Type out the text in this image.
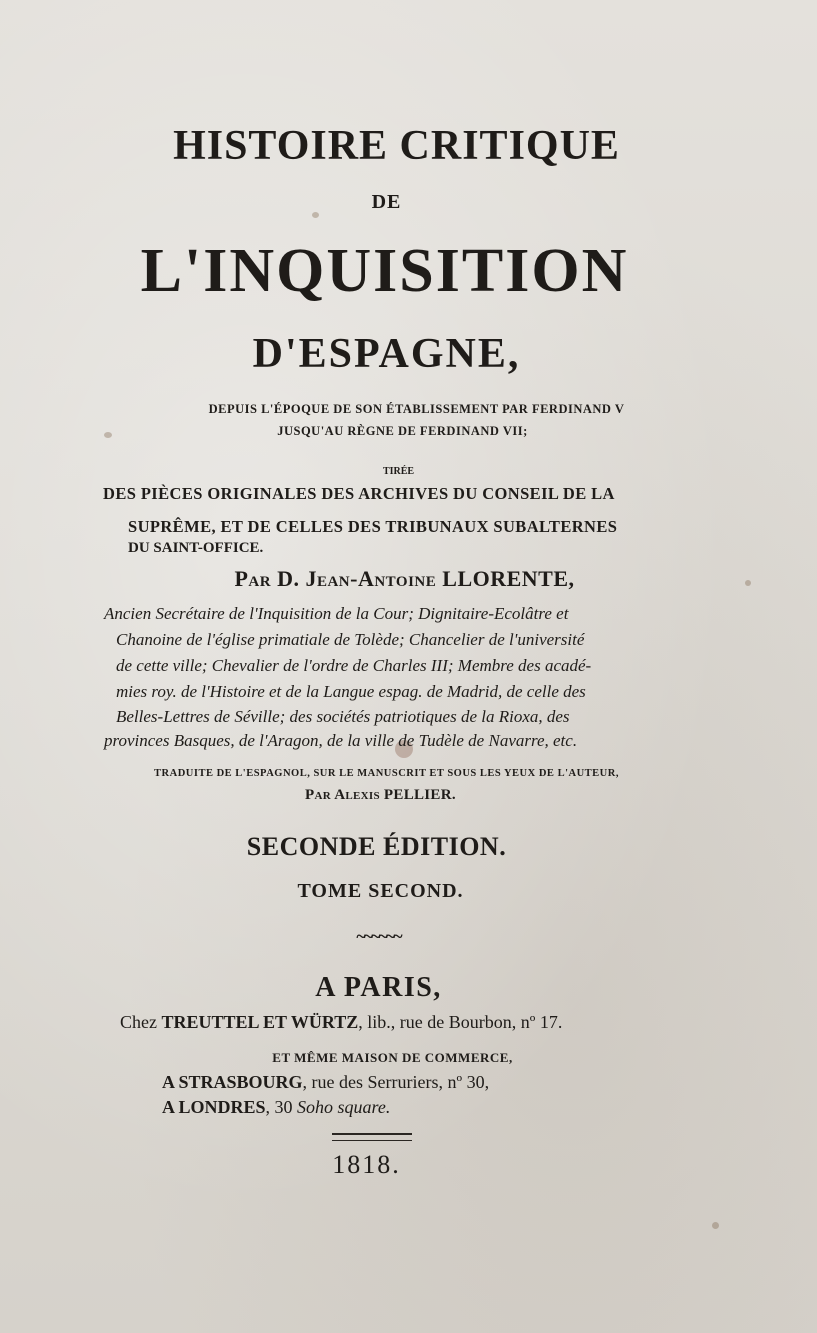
HISTOIRE CRITIQUE

DE

L'INQUISITION

D'ESPAGNE,

DEPUIS L'ÉPOQUE DE SON ÉTABLISSEMENT PAR FERDINAND V

JUSQU'AU RÈGNE DE FERDINAND VII;

TIRÉE

DES PIÈCES ORIGINALES DES ARCHIVES DU CONSEIL DE LA

SUPRÊME, ET DE CELLES DES TRIBUNAUX SUBALTERNES

DU SAINT-OFFICE.

Par D. Jean-Antoine LLORENTE,

Ancien Secrétaire de l'Inquisition de la Cour; Dignitaire-Ecolâtre et

Chanoine de l'église primatiale de Tolède; Chancelier de l'université

de cette ville; Chevalier de l'ordre de Charles III; Membre des acadé-

mies roy. de l'Histoire et de la Langue espag. de Madrid, de celle des

Belles-Lettres de Séville; des sociétés patriotiques de la Rioxa, des

provinces Basques, de l'Aragon, de la ville de Tudèle de Navarre, etc.

TRADUITE DE L'ESPAGNOL, SUR LE MANUSCRIT ET SOUS LES YEUX DE L'AUTEUR,

Par Alexis PELLIER.

SECONDE ÉDITION.

TOME SECOND.

~~~~~~

A PARIS,

Chez TREUTTEL ET WÜRTZ, lib., rue de Bourbon, nº 17.

ET MÊME MAISON DE COMMERCE,

A STRASBOURG, rue des Serruriers, nº 30,

A LONDRES, 30 Soho square.

1818.
